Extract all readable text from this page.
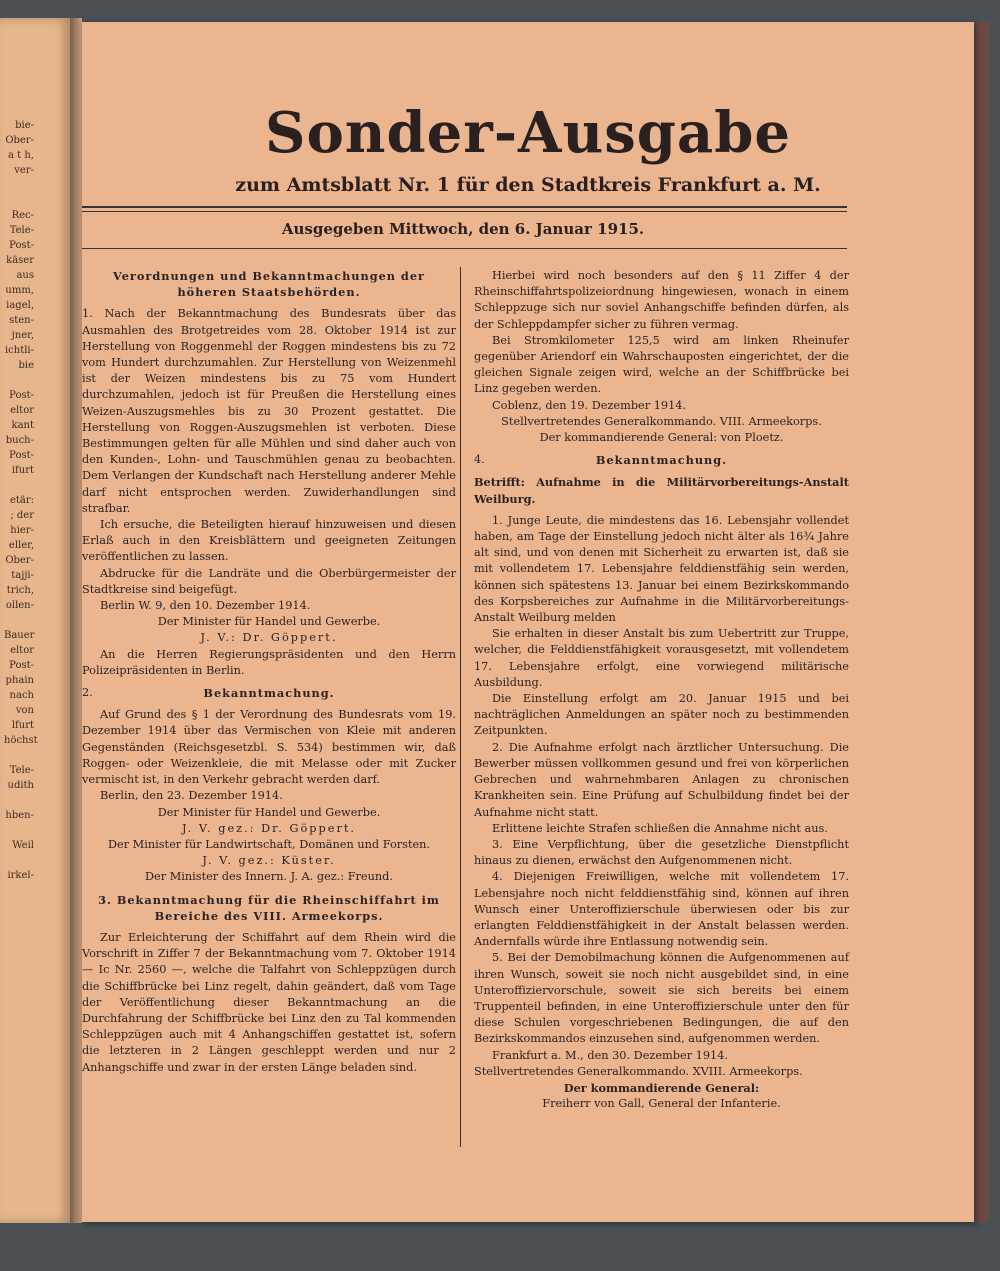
bie-
Ober-
a t h,
ver-

Rec-
Tele-
Post-
käser
aus
umm,
iagel,
sten-
jner,
ichtli-
bie

Post-
eltor
kant
buch-
Post-
ifurt

etär:
; der
hier-
eller,
Ober-
tajji-
trich,
ollen-

Bauer
eltor
Post-
phain
nach
von
lfurt
höchst

Tele-
udith

hben-

Weil

irkel-
Sonder-Ausgabe
zum Amtsblatt Nr. 1 für den Stadtkreis Frankfurt a. M.
Ausgegeben Mittwoch, den 6. Januar 1915.

Verordnungen und Bekanntmachungen der höheren Staatsbehörden.

1. Nach der Bekanntmachung des Bundesrats über das Ausmahlen des Brotgetreides vom 28. Oktober 1914 ist zur Herstellung von Roggenmehl der Roggen mindestens bis zu 72 vom Hundert durchzumahlen. Zur Herstellung von Weizenmehl ist der Weizen mindestens bis zu 75 vom Hundert durchzumahlen, jedoch ist für Preußen die Herstellung eines Weizen-Auszugsmehles bis zu 30 Prozent gestattet. Die Herstellung von Roggen-Auszugsmehlen ist verboten. Diese Bestimmungen gelten für alle Mühlen und sind daher auch von den Kunden-, Lohn- und Tauschmühlen genau zu beobachten. Dem Verlangen der Kundschaft nach Herstellung anderer Mehle darf nicht entsprochen werden. Zuwiderhandlungen sind strafbar.

Ich ersuche, die Beteiligten hierauf hinzuweisen und diesen Erlaß auch in den Kreisblättern und geeigneten Zeitungen veröffentlichen zu lassen.

Abdrucke für die Landräte und die Oberbürgermeister der Stadtkreise sind beigefügt.

Berlin W. 9, den 10. Dezember 1914.

Der Minister für Handel und Gewerbe.

J. V.: Dr. Göppert.

An die Herren Regierungspräsidenten und den Herrn Polizeipräsidenten in Berlin.

2.	Bekanntmachung.

Auf Grund des § 1 der Verordnung des Bundesrats vom 19. Dezember 1914 über das Vermischen von Kleie mit anderen Gegenständen (Reichsgesetzbl. S. 534) bestimmen wir, daß Roggen- oder Weizenkleie, die mit Melasse oder mit Zucker vermischt ist, in den Verkehr gebracht werden darf.

Berlin, den 23. Dezember 1914.

Der Minister für Handel und Gewerbe.

J. V. gez.: Dr. Göppert.

Der Minister für Landwirtschaft, Domänen und Forsten.

J. V. gez.: Küster.

Der Minister des Innern. J. A. gez.: Freund.

3. Bekanntmachung für die Rheinschiffahrt im Bereiche des VIII. Armeekorps.

Zur Erleichterung der Schiffahrt auf dem Rhein wird die Vorschrift in Ziffer 7 der Bekanntmachung vom 7. Oktober 1914 — Ic Nr. 2560 —, welche die Talfahrt von Schleppzügen durch die Schiffbrücke bei Linz regelt, dahin geändert, daß vom Tage der Veröffentlichung dieser Bekanntmachung an die Durchfahrung der Schiffbrücke bei Linz den zu Tal kommenden Schleppzügen auch mit 4 Anhangschiffen gestattet ist, sofern die letzteren in 2 Längen geschleppt werden und nur 2 Anhangschiffe und zwar in der ersten Länge beladen sind.

Hierbei wird noch besonders auf den § 11 Ziffer 4 der Rheinschiffahrtspolizeiordnung hingewiesen, wonach in einem Schleppzuge sich nur soviel Anhangschiffe befinden dürfen, als der Schleppdampfer sicher zu führen vermag.

Bei Stromkilometer 125,5 wird am linken Rheinufer gegenüber Ariendorf ein Wahrschauposten eingerichtet, der die gleichen Signale zeigen wird, welche an der Schiffbrücke bei Linz gegeben werden.

Coblenz, den 19. Dezember 1914.

Stellvertretendes Generalkommando. VIII. Armeekorps.

Der kommandierende General: von Ploetz.

4.	Bekanntmachung.

Betrifft: Aufnahme in die Militärvorbereitungs-Anstalt Weilburg.

1. Junge Leute, die mindestens das 16. Lebensjahr vollendet haben, am Tage der Einstellung jedoch nicht älter als 16¾ Jahre alt sind, und von denen mit Sicherheit zu erwarten ist, daß sie mit vollendetem 17. Lebensjahre felddienstfähig sein werden, können sich spätestens 13. Januar bei einem Bezirkskommando des Korpsbereiches zur Aufnahme in die Militärvorbereitungs-Anstalt Weilburg melden

Sie erhalten in dieser Anstalt bis zum Uebertritt zur Truppe, welcher, die Felddienstfähigkeit vorausgesetzt, mit vollendetem 17. Lebensjahre erfolgt, eine vorwiegend militärische Ausbildung.

Die Einstellung erfolgt am 20. Januar 1915 und bei nachträglichen Anmeldungen an später noch zu bestimmenden Zeitpunkten.

2. Die Aufnahme erfolgt nach ärztlicher Untersuchung. Die Bewerber müssen vollkommen gesund und frei von körperlichen Gebrechen und wahrnehmbaren Anlagen zu chronischen Krankheiten sein. Eine Prüfung auf Schulbildung findet bei der Aufnahme nicht statt.

Erlittene leichte Strafen schließen die Annahme nicht aus.

3. Eine Verpflichtung, über die gesetzliche Dienstpflicht hinaus zu dienen, erwächst den Aufgenommenen nicht.

4. Diejenigen Freiwilligen, welche mit vollendetem 17. Lebensjahre noch nicht felddienstfähig sind, können auf ihren Wunsch einer Unteroffizierschule überwiesen oder bis zur erlangten Felddienstfähigkeit in der Anstalt belassen werden. Andernfalls würde ihre Entlassung notwendig sein.

5. Bei der Demobilmachung können die Aufgenommenen auf ihren Wunsch, soweit sie noch nicht ausgebildet sind, in eine Unteroffiziervorschule, soweit sie sich bereits bei einem Truppenteil befinden, in eine Unteroffizierschule unter den für diese Schulen vorgeschriebenen Bedingungen, die auf den Bezirkskommandos einzusehen sind, aufgenommen werden.

Frankfurt a. M., den 30. Dezember 1914.

Stellvertretendes Generalkommando. XVIII. Armeekorps.

Der kommandierende General:

Freiherr von Gall, General der Infanterie.
